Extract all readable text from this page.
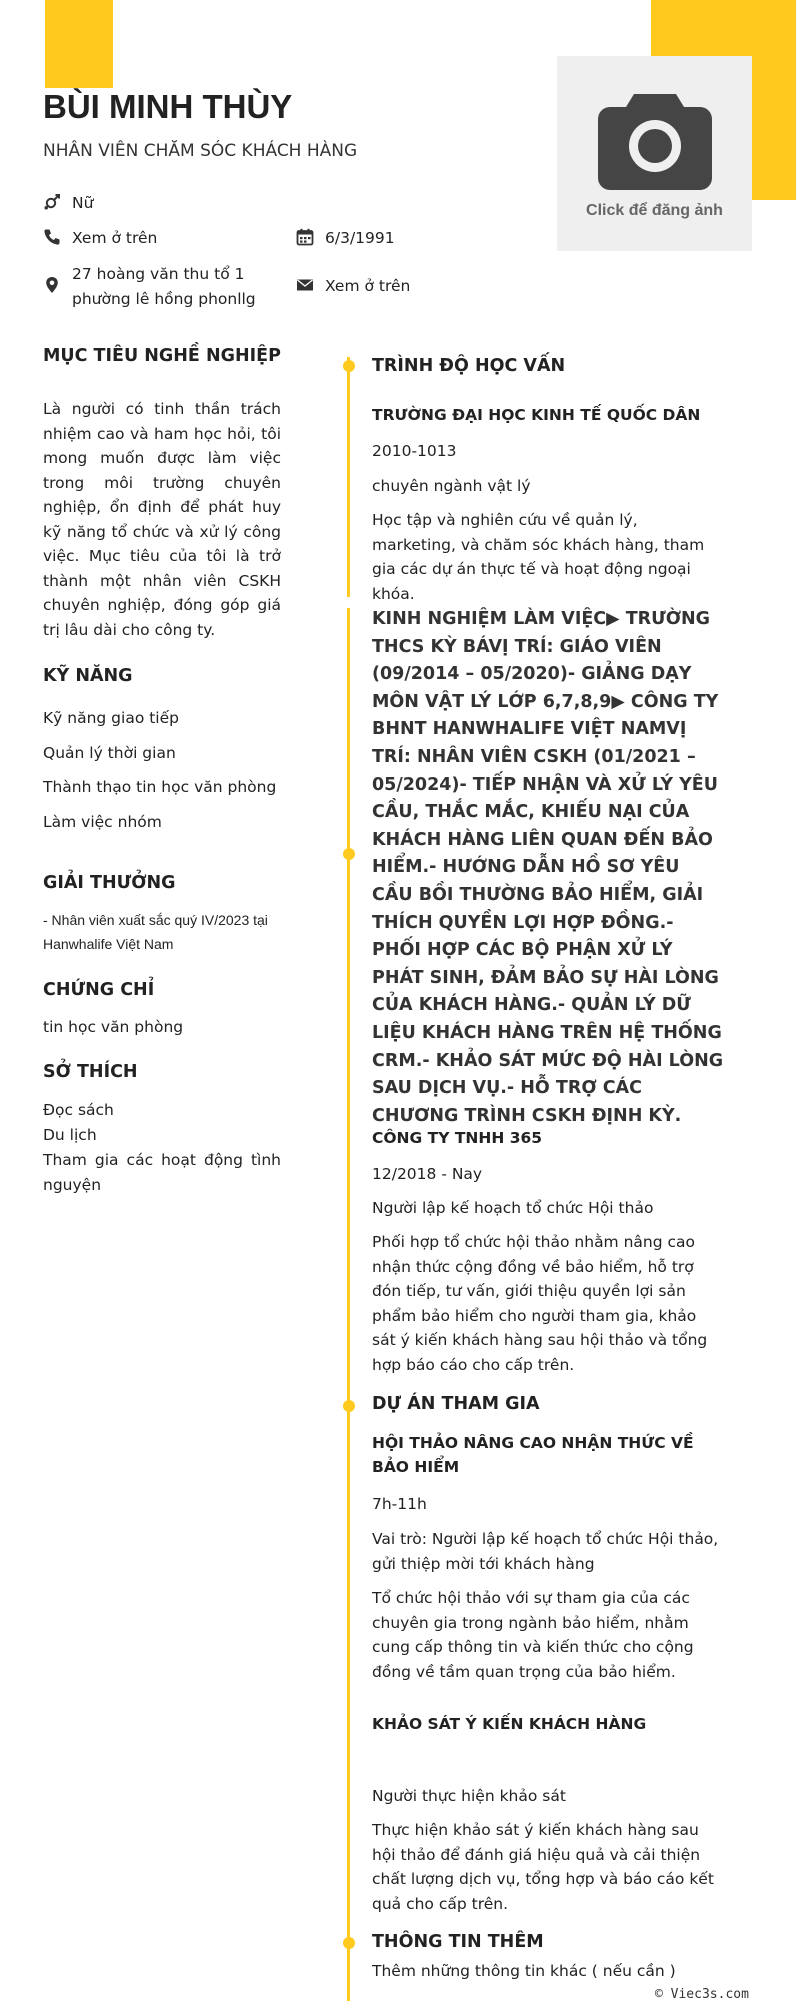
Click để đăng ảnh
BÙI MINH THÙY
NHÂN VIÊN CHĂM SÓC KHÁCH HÀNG
Nữ
Xem ở trên	6/3/1991
27 hoàng văn thu tổ 1
phường lê hồng phonllg
Xem ở trên
MỤC TIÊU NGHỀ NGHIỆP
Là người có tinh thần trách nhiệm cao và ham học hỏi, tôi mong muốn được làm việc trong môi trường chuyên nghiệp, ổn định để phát huy kỹ năng tổ chức và xử lý công việc. Mục tiêu của tôi là trở thành một nhân viên CSKH chuyên nghiệp, đóng góp giá trị lâu dài cho công ty.
KỸ NĂNG
Kỹ năng giao tiếp
Quản lý thời gian
Thành thạo tin học văn phòng
Làm việc nhóm
GIẢI THƯỞNG
- Nhân viên xuất sắc quý IV/2023 tại Hanwhalife Việt Nam
CHỨNG CHỈ
tin học văn phòng
SỞ THÍCH
Đọc sách
Du lịch
Tham gia các hoạt động tình nguyện
TRÌNH ĐỘ HỌC VẤN
TRƯỜNG ĐẠI HỌC KINH TẾ QUỐC DÂN
2010-1013
chuyên ngành vật lý
Học tập và nghiên cứu về quản lý, marketing, và chăm sóc khách hàng, tham gia các dự án thực tế và hoạt động ngoại khóa.
KINH NGHIỆM LÀM VIỆC▶ TRƯỜNG THCS KỲ BÁVỊ TRÍ: GIÁO VIÊN (09/2014 – 05/2020)- GIẢNG DẠY MÔN VẬT LÝ LỚP 6,7,8,9▶ CÔNG TY BHNT HANWHALIFE VIỆT NAMVỊ TRÍ: NHÂN VIÊN CSKH (01/2021 – 05/2024)- TIẾP NHẬN VÀ XỬ LÝ YÊU CẦU, THẮC MẮC, KHIẾU NẠI CỦA KHÁCH HÀNG LIÊN QUAN ĐẾN BẢO HIỂM.- HƯỚNG DẪN HỒ SƠ YÊU CẦU BỒI THƯỜNG BẢO HIỂM, GIẢI THÍCH QUYỀN LỢI HỢP ĐỒNG.- PHỐI HỢP CÁC BỘ PHẬN XỬ LÝ PHÁT SINH, ĐẢM BẢO SỰ HÀI LÒNG CỦA KHÁCH HÀNG.- QUẢN LÝ DỮ LIỆU KHÁCH HÀNG TRÊN HỆ THỐNG CRM.- KHẢO SÁT MỨC ĐỘ HÀI LÒNG SAU DỊCH VỤ.- HỖ TRỢ CÁC CHƯƠNG TRÌNH CSKH ĐỊNH KỲ.
CÔNG TY TNHH 365
12/2018 - Nay
Người lập kế hoạch tổ chức Hội thảo
Phối hợp tổ chức hội thảo nhằm nâng cao nhận thức cộng đồng về bảo hiểm, hỗ trợ đón tiếp, tư vấn, giới thiệu quyền lợi sản phẩm bảo hiểm cho người tham gia, khảo sát ý kiến khách hàng sau hội thảo và tổng hợp báo cáo cho cấp trên.
DỰ ÁN THAM GIA
HỘI THẢO NÂNG CAO NHẬN THỨC VỀ BẢO HIỂM
7h-11h
Vai trò: Người lập kế hoạch tổ chức Hội thảo, gửi thiệp mời tới khách hàng
Tổ chức hội thảo với sự tham gia của các chuyên gia trong ngành bảo hiểm, nhằm cung cấp thông tin và kiến thức cho cộng đồng về tầm quan trọng của bảo hiểm.
KHẢO SÁT Ý KIẾN KHÁCH HÀNG
Người thực hiện khảo sát
Thực hiện khảo sát ý kiến khách hàng sau hội thảo để đánh giá hiệu quả và cải thiện chất lượng dịch vụ, tổng hợp và báo cáo kết quả cho cấp trên.
THÔNG TIN THÊM
Thêm những thông tin khác ( nếu cần )
© Viec3s.com
